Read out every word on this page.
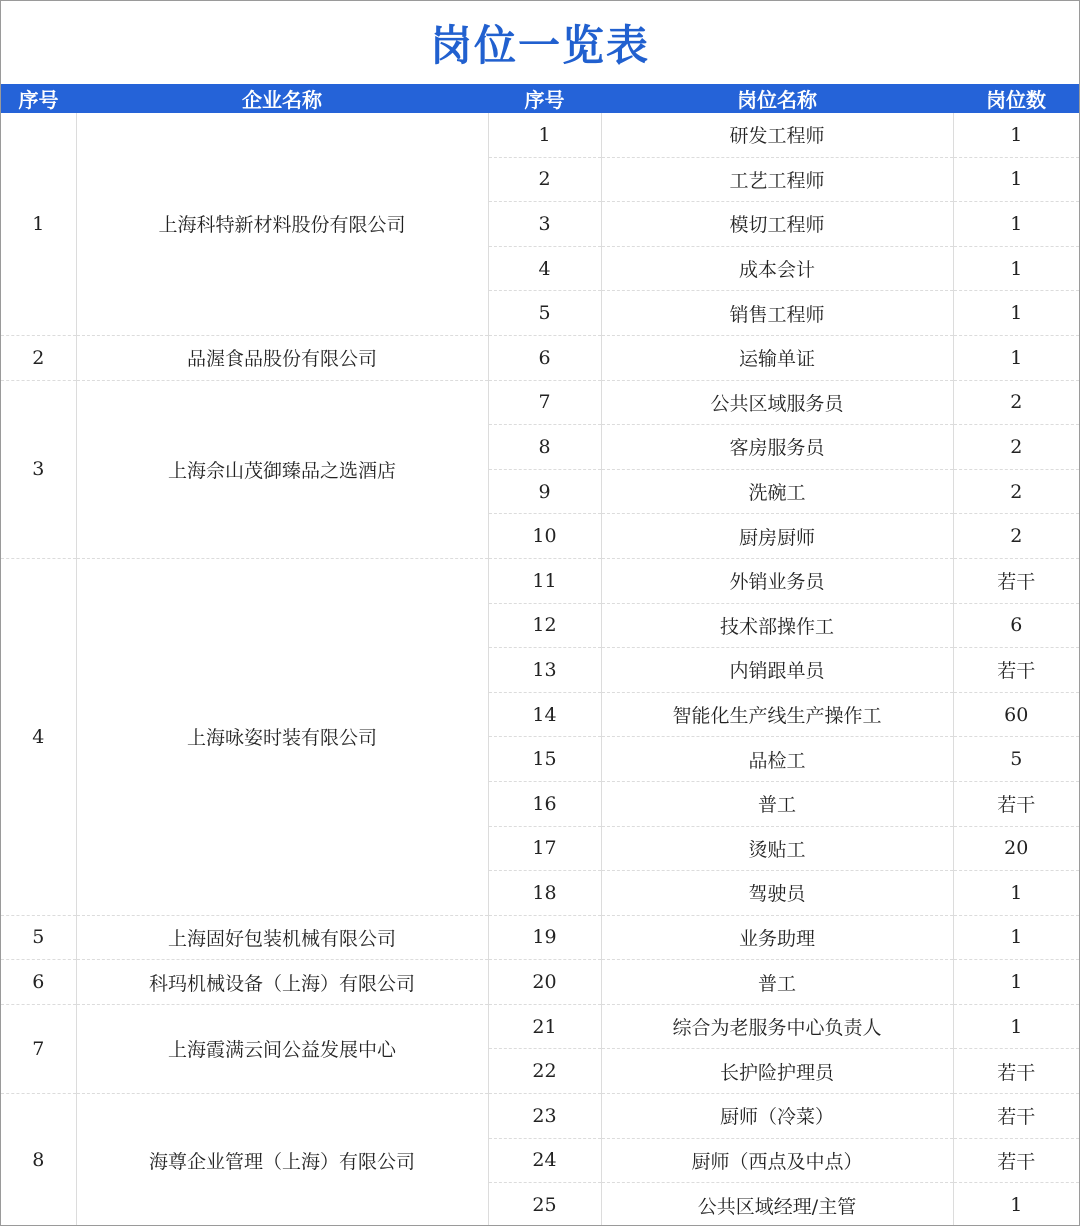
岗位一览表
序号	企业名称	序号	岗位名称	岗位数
1	上海科特新材料股份有限公司	1	研发工程师	1
		2	工艺工程师	1
		3	模切工程师	1
		4	成本会计	1
		5	销售工程师	1
2	品渥食品股份有限公司	6	运输单证	1
3	上海佘山茂御臻品之选酒店	7	公共区域服务员	2
		8	客房服务员	2
		9	洗碗工	2
		10	厨房厨师	2
4	上海咏姿时装有限公司	11	外销业务员	若干
		12	技术部操作工	6
		13	内销跟单员	若干
		14	智能化生产线生产操作工	60
		15	品检工	5
		16	普工	若干
		17	烫贴工	20
		18	驾驶员	1
5	上海固好包装机械有限公司	19	业务助理	1
6	科玛机械设备（上海）有限公司	20	普工	1
7	上海霞满云间公益发展中心	21	综合为老服务中心负责人	1
		22	长护险护理员	若干
8	海尊企业管理（上海）有限公司	23	厨师（冷菜）	若干
		24	厨师（西点及中点）	若干
		25	公共区域经理/主管	1
